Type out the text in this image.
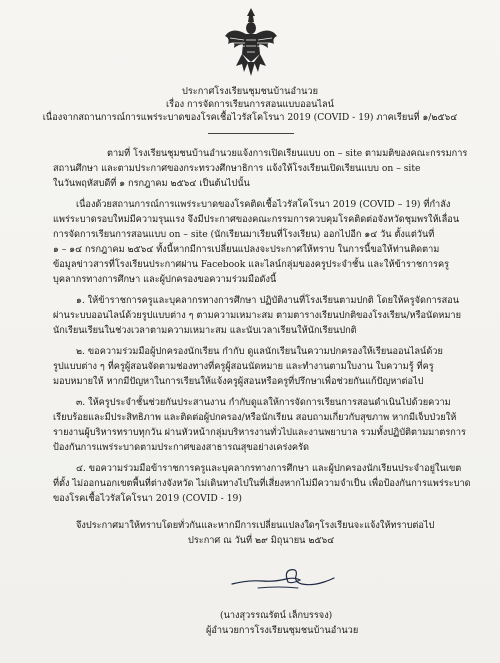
ประกาศโรงเรียนชุมชนบ้านอำนวย
เรื่อง การจัดการเรียนการสอนแบบออนไลน์
เนื่องจากสถานการณ์การแพร่ระบาดของโรคเชื้อไวรัสโคโรนา 2019 (COVID - 19) ภาคเรียนที่ ๑/๒๕๖๔
ตามที่ โรงเรียนชุมชนบ้านอำนวยแจ้งการเปิดเรียนแบบ on – site ตามมติของคณะกรรมการ
สถานศึกษา และตามประกาศของกระทรวงศึกษาธิการ แจ้งให้โรงเรียนเปิดเรียนแบบ on – site
ในวันพฤหัสบดีที่ ๑ กรกฎาคม ๒๕๖๔ เป็นต้นไปนั้น
เนื่องด้วยสถานการณ์การแพร่ระบาดของโรคติดเชื้อไวรัสโคโรนา 2019 (COVID – 19) ที่กำลัง
แพร่ระบาดรอบใหม่มีความรุนแรง จึงมีประกาศของคณะกรรมการควบคุมโรคติดต่อจังหวัดชุมพรให้เลื่อน
การจัดการเรียนการสอนแบบ on – site (นักเรียนมาเรียนที่โรงเรียน) ออกไปอีก ๑๔ วัน ตั้งแต่วันที่
๑ – ๑๔ กรกฎาคม ๒๕๖๔ ทั้งนี้หากมีการเปลี่ยนแปลงจะประกาศให้ทราบ ในการนี้ขอให้ท่านติดตาม
ข้อมูลข่าวสารที่โรงเรียนประกาศผ่าน Facebook และไลน์กลุ่มของครูประจำชั้น และให้ข้าราชการครู
บุคลากรทางการศึกษา และผู้ปกครองขอความร่วมมือดังนี้
๑. ให้ข้าราชการครูและบุคลากรทางการศึกษา ปฏิบัติงานที่โรงเรียนตามปกติ โดยให้ครูจัดการสอน
ผ่านระบบออนไลน์ด้วยรูปแบบต่าง ๆ ตามความเหมาะสม ตามตารางเรียนปกติของโรงเรียน/หรือนัดหมาย
นักเรียนเรียนในช่วงเวลาตามความเหมาะสม และนับเวลาเรียนให้นักเรียนปกติ
๒. ขอความร่วมมือผู้ปกครองนักเรียน กำกับ ดูแลนักเรียนในความปกครองให้เรียนออนไลน์ด้วย
รูปแบบต่าง ๆ ที่ครูผู้สอนจัดตามช่องทางที่ครูผู้สอนนัดหมาย และทำงานตามใบงาน ใบความรู้ ที่ครู
มอบหมายให้ หากมีปัญหาในการเรียนให้แจ้งครูผู้สอนหรือครูที่ปรึกษาเพื่อช่วยกันแก้ปัญหาต่อไป
๓. ให้ครูประจำชั้นช่วยกันประสานงาน กำกับดูแลให้การจัดการเรียนการสอนดำเนินไปด้วยความ
เรียบร้อยและมีประสิทธิภาพ และติดต่อผู้ปกครอง/หรือนักเรียน สอบถามเกี่ยวกับสุขภาพ หากมีเจ็บป่วยให้
รายงานผู้บริหารทราบทุกวัน ผ่านหัวหน้ากลุ่มบริหารงานทั่วไปและงานพยาบาล รวมทั้งปฏิบัติตามมาตรการ
ป้องกันการแพร่ระบาดตามประกาศของสาธารณสุขอย่างเคร่งครัด
๔. ขอความร่วมมือข้าราชการครูและบุคลากรทางการศึกษา และผู้ปกครองนักเรียนประจำอยู่ในเขต
ที่ตั้ง ไม่ออกนอกเขตพื้นที่ต่างจังหวัด ไม่เดินทางไปในที่เสี่ยงหากไม่มีความจำเป็น เพื่อป้องกันการแพร่ระบาด
ของโรคเชื้อไวรัสโคโรนา 2019 (COVID - 19)
จึงประกาศมาให้ทราบโดยทั่วกันและหากมีการเปลี่ยนแปลงใดๆโรงเรียนจะแจ้งให้ทราบต่อไป
ประกาศ ณ วันที่ ๒๙ มิถุนายน ๒๕๖๔
(นางสุวรรณรัตน์ เล็กบรรจง)
ผู้อำนวยการโรงเรียนชุมชนบ้านอำนวย
